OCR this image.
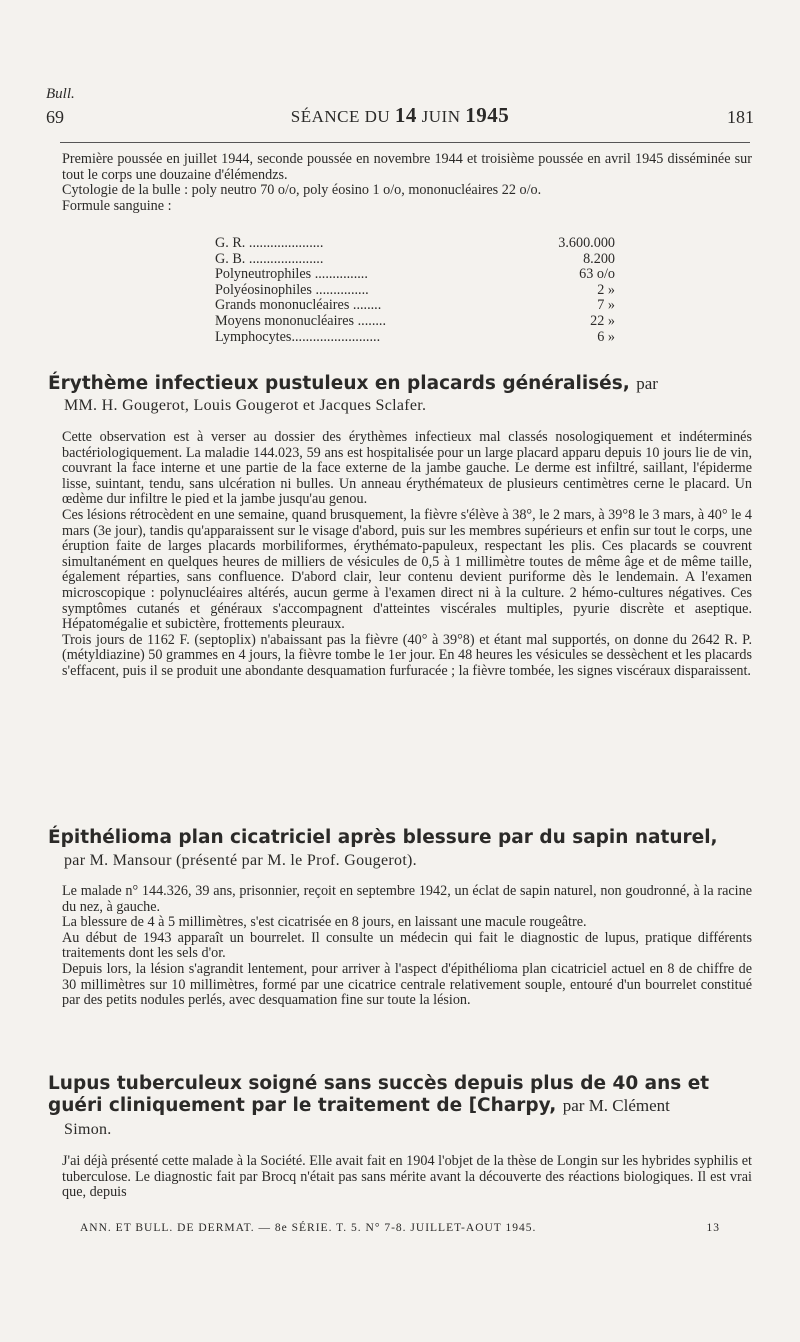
Bull.
69	SÉANCE DU 14 JUIN 1945	181

Première poussée en juillet 1944, seconde poussée en novembre 1944 et troisième poussée en avril 1945 disséminée sur tout le corps une douzaine d'élémenǳs.

Cytologie de la bulle : poly neutro 70 o/o, poly éosino 1 o/o, mononucléaires 22 o/o.

Formule sanguine :

G. R. .....................	3.600.000
G. B. .....................	8.200
Polyneutrophiles ...............	63 o/o
Polyéosinophiles ...............	2 »
Grands mononucléaires ........	7 »
Moyens mononucléaires ........	22 »
Lymphocytes.........................	6 »
Érythème infectieux pustuleux en placards généralisés, par
MM. H. Gougerot, Louis Gougerot et Jacques Sclafer.

Cette observation est à verser au dossier des érythèmes infectieux mal classés nosologiquement et indéterminés bactériologiquement. La maladie 144.023, 59 ans est hospitalisée pour un large placard apparu depuis 10 jours lie de vin, couvrant la face interne et une partie de la face externe de la jambe gauche. Le derme est infiltré, saillant, l'épiderme lisse, suintant, tendu, sans ulcération ni bulles. Un anneau érythémateux de plusieurs centimètres cerne le placard. Un œdème dur infiltre le pied et la jambe jusqu'au genou.

Ces lésions rétrocèdent en une semaine, quand brusquement, la fièvre s'élève à 38°, le 2 mars, à 39°8 le 3 mars, à 40° le 4 mars (3e jour), tandis qu'apparaissent sur le visage d'abord, puis sur les membres supérieurs et enfin sur tout le corps, une éruption faite de larges placards morbiliformes, érythémato-papuleux, respectant les plis. Ces placards se couvrent simultanément en quelques heures de milliers de vésicules de 0,5 à 1 millimètre toutes de même âge et de même taille, également réparties, sans confluence. D'abord clair, leur contenu devient puriforme dès le lendemain. A l'examen microscopique : polynucléaires altérés, aucun germe à l'examen direct ni à la culture. 2 hémo-cultures négatives. Ces symptômes cutanés et généraux s'accompagnent d'atteintes viscérales multiples, pyurie discrète et aseptique. Hépatomégalie et subictère, frottements pleuraux.

Trois jours de 1162 F. (septoplix) n'abaissant pas la fièvre (40° à 39°8) et étant mal supportés, on donne du 2642 R. P. (métyldiazine) 50 grammes en 4 jours, la fièvre tombe le 1er jour. En 48 heures les vésicules se dessèchent et les placards s'effacent, puis il se produit une abondante desquamation furfuracée ; la fièvre tombée, les signes viscéraux disparaissent.

Épithélioma plan cicatriciel après blessure par du sapin naturel,
par M. Mansour (présenté par M. le Prof. Gougerot).

Le malade n° 144.326, 39 ans, prisonnier, reçoit en septembre 1942, un éclat de sapin naturel, non goudronné, à la racine du nez, à gauche.

La blessure de 4 à 5 millimètres, s'est cicatrisée en 8 jours, en laissant une macule rougeâtre.

Au début de 1943 apparaît un bourrelet. Il consulte un médecin qui fait le diagnostic de lupus, pratique différents traitements dont les sels d'or.

Depuis lors, la lésion s'agrandit lentement, pour arriver à l'aspect d'épithélioma plan cicatriciel actuel en 8 de chiffre de 30 millimètres sur 10 millimètres, formé par une cicatrice centrale relativement souple, entouré d'un bourrelet constitué par des petits nodules perlés, avec desquamation fine sur toute la lésion.

Lupus tuberculeux soigné sans succès depuis plus de 40 ans et
guéri cliniquement par le traitement de [Charpy, par M. Clément
Simon.

J'ai déjà présenté cette malade à la Société. Elle avait fait en 1904 l'objet de la thèse de Longin sur les hybrides syphilis et tuberculose. Le diagnostic fait par Brocq n'était pas sans mérite avant la découverte des réactions biologiques. Il est vrai que, depuis

ANN. ET BULL. DE DERMAT. — 8e SÉRIE. T. 5. N° 7-8. JUILLET-AOUT 1945.	13
